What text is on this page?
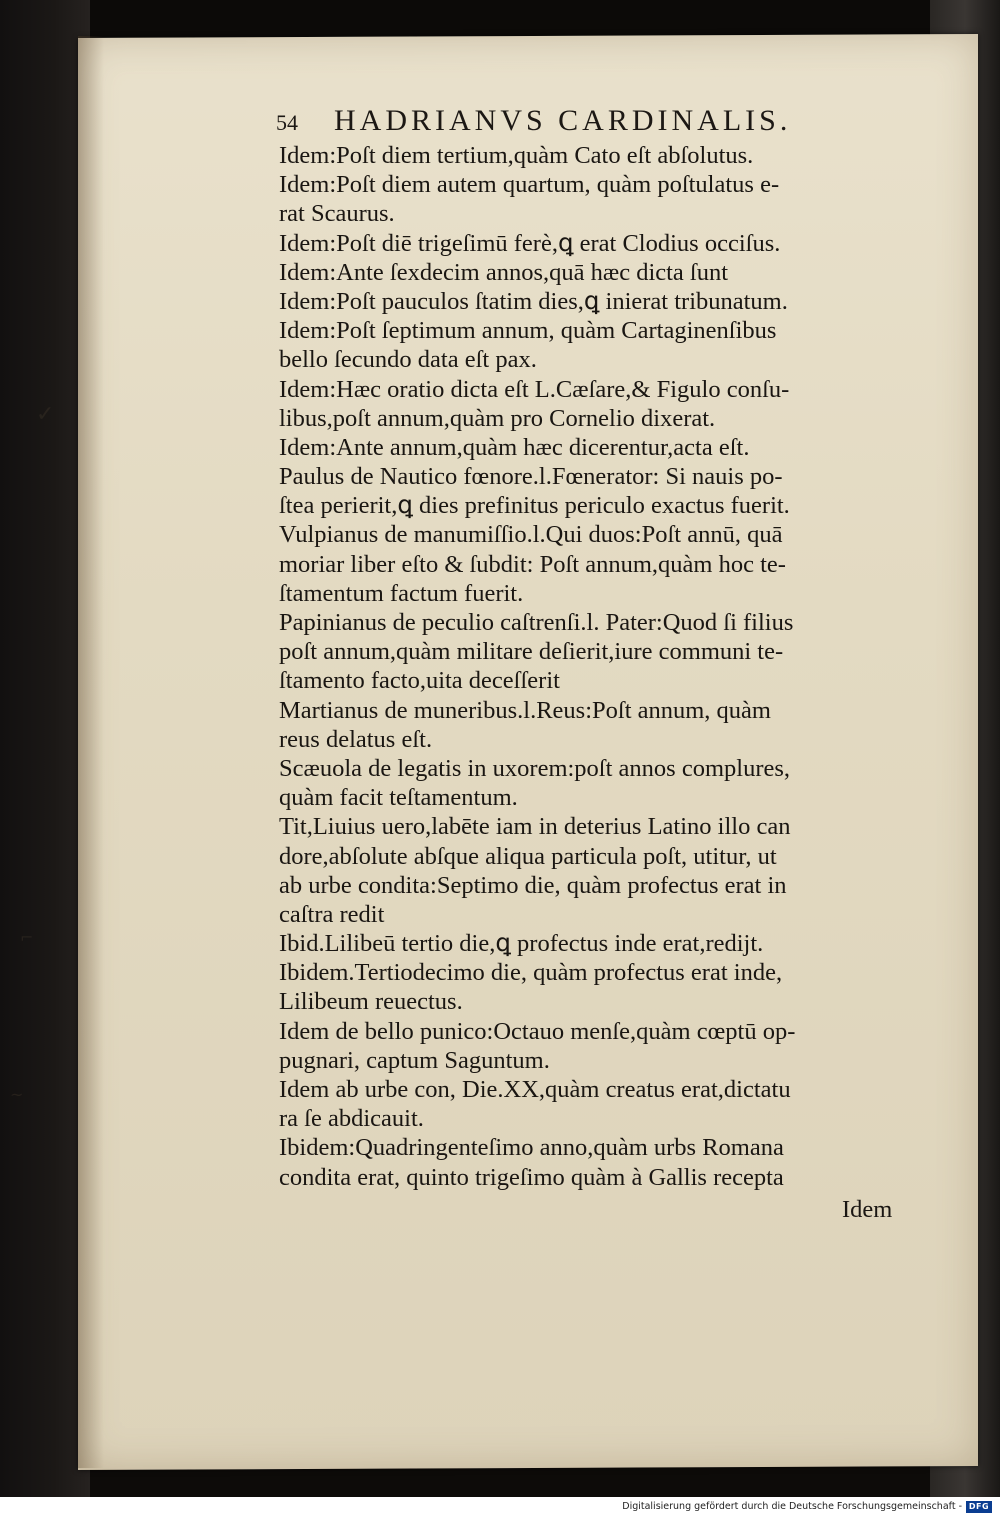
✓
⌐
~
54	HADRIANVS CARDINALIS.
Idem:Poſt diem tertium,quàm Cato eſt abſolutus.
Idem:Poſt diem autem quartum, quàm poſtulatus e-
rat Scaurus.
Idem:Poſt diē trigeſimū ferè,ꝗ erat Clodius occiſus.
Idem:Ante ſexdecim annos,quā hæc dicta ſunt
Idem:Poſt pauculos ſtatim dies,ꝗ inierat tribunatum.
Idem:Poſt ſeptimum annum, quàm Cartaginenſibus
bello ſecundo data eſt pax.
Idem:Hæc oratio dicta eſt L.Cæſare,& Figulo conſu-
libus,poſt annum,quàm pro Cornelio dixerat.
Idem:Ante annum,quàm hæc dicerentur,acta eſt.
Paulus de Nautico fœnore.l.Fœnerator: Si nauis po-
ſtea perierit,ꝗ dies prefinitus periculo exactus fuerit.
Vulpianus de manumiſſio.l.Qui duos:Poſt annū, quā
moriar liber eſto & ſubdit: Poſt annum,quàm hoc te-
ſtamentum factum fuerit.
Papinianus de peculio caſtrenſi.l. Pater:Quod ſi filius
poſt annum,quàm militare deſierit,iure communi te-
ſtamento facto,uita deceſſerit
Martianus de muneribus.l.Reus:Poſt annum, quàm
reus delatus eſt.
Scæuola de legatis in uxorem:poſt annos complures,
quàm facit teſtamentum.
Tit,Liuius uero,labēte iam in deterius Latino illo can
dore,abſolute abſque aliqua particula poſt, utitur, ut
ab urbe condita:Septimo die, quàm profectus erat in
caſtra redit
Ibid.Lilibeū tertio die,ꝗ profectus inde erat,redijt.
Ibidem.Tertiodecimo die, quàm profectus erat inde,
Lilibeum reuectus.
Idem de bello punico:Octauo menſe,quàm cœptū op-
pugnari, captum Saguntum.
Idem ab urbe con, Die.XX,quàm creatus erat,dictatu
ra ſe abdicauit.
Ibidem:Quadringenteſimo anno,quàm urbs Romana
condita erat, quinto trigeſimo quàm à Gallis recepta
Idem
Digitalisierung gefördert durch die Deutsche Forschungsgemeinschaft - DFG
